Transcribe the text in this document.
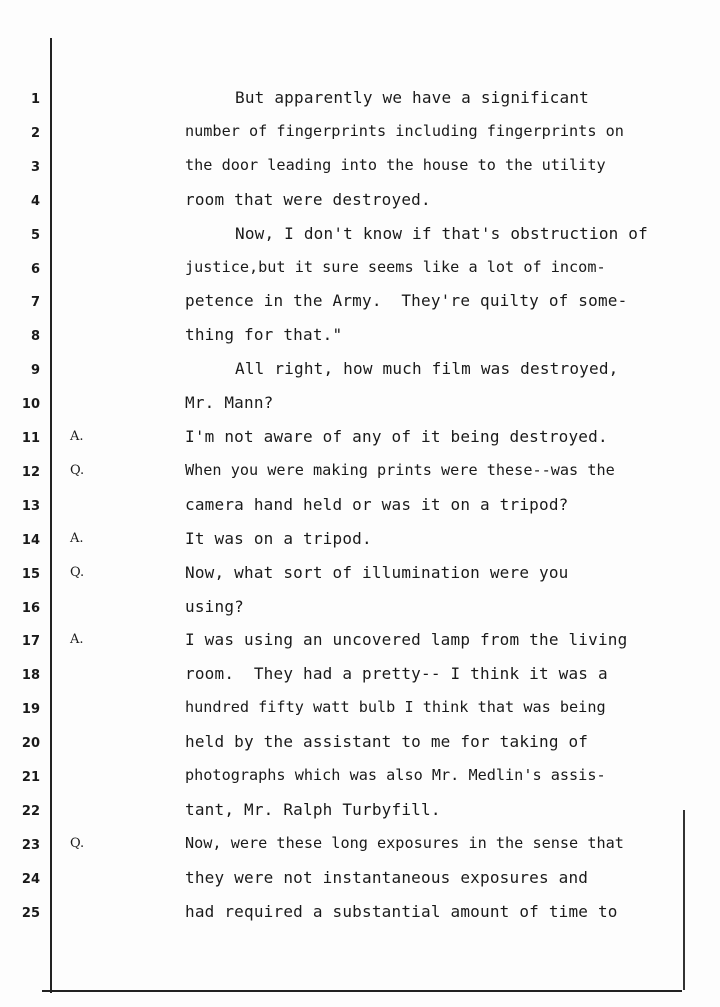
1	But apparently we have a significant
2	number of fingerprints including fingerprints on
3	the door leading into the house to the utility
4	room that were destroyed.
5	Now, I don't know if that's obstruction of
6	justice,but it sure seems like a lot of incom-
7	petence in the Army.  They're quilty of some-
8	thing for that."
9	All right, how much film was destroyed,
10	Mr. Mann?
11 A.	I'm not aware of any of it being destroyed.
12 Q.	When you were making prints were these--was the
13	camera hand held or was it on a tripod?
14 A.	It was on a tripod.
15 Q.	Now, what sort of illumination were you
16	using?
17 A.	I was using an uncovered lamp from the living
18	room.  They had a pretty-- I think it was a
19	hundred fifty watt bulb I think that was being
20	held by the assistant to me for taking of
21	photographs which was also Mr. Medlin's assis-
22	tant, Mr. Ralph Turbyfill.
23 Q.	Now, were these long exposures in the sense that
24	they were not instantaneous exposures and
25	had required a substantial amount of time to
